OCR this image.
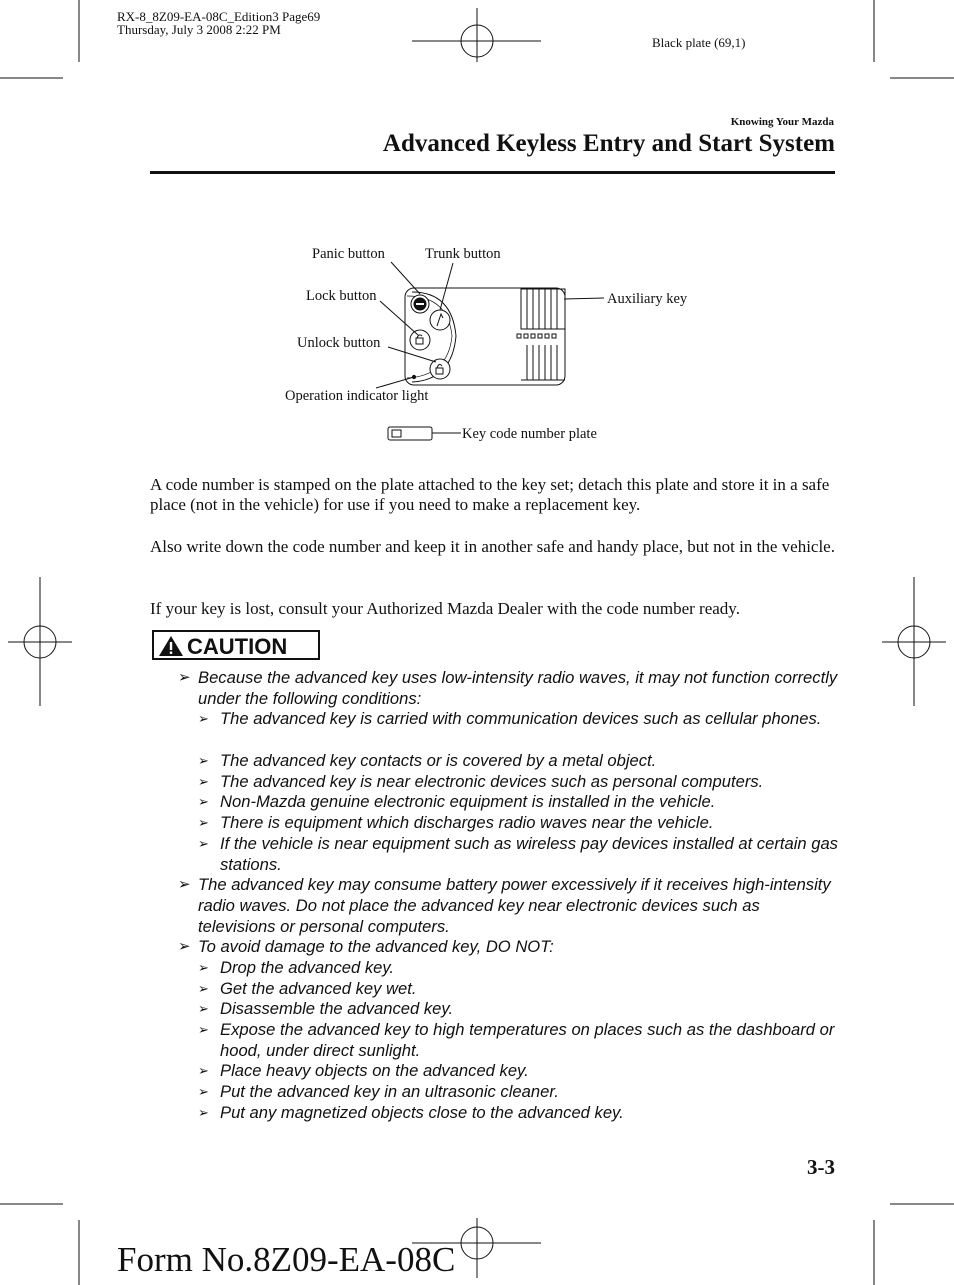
RX-8_8Z09-EA-08C_Edition3 Page69
Thursday, July 3 2008 2:22 PM
Black plate (69,1)
Knowing Your Mazda
Advanced Keyless Entry and Start System
Panic button	Trunk button
Lock button
Unlock button
Operation indicator light
Auxiliary key
Key code number plate
A code number is stamped on the plate attached to the key set; detach this plate and store it in a safe place (not in the vehicle) for use if you need to make a replacement key.
Also write down the code number and keep it in another safe and handy place, but not in the vehicle.
If your key is lost, consult your Authorized Mazda Dealer with the code number ready.
CAUTION
➢ Because the advanced key uses low-intensity radio waves, it may not function correctly under the following conditions:
➢ The advanced key is carried with communication devices such as cellular phones.
➢ The advanced key contacts or is covered by a metal object.
➢ The advanced key is near electronic devices such as personal computers.
➢ Non-Mazda genuine electronic equipment is installed in the vehicle.
➢ There is equipment which discharges radio waves near the vehicle.
➢ If the vehicle is near equipment such as wireless pay devices installed at certain gas stations.
➢ The advanced key may consume battery power excessively if it receives high-intensity radio waves. Do not place the advanced key near electronic devices such as televisions or personal computers.
➢ To avoid damage to the advanced key, DO NOT:
➢ Drop the advanced key.
➢ Get the advanced key wet.
➢ Disassemble the advanced key.
➢ Expose the advanced key to high temperatures on places such as the dashboard or hood, under direct sunlight.
➢ Place heavy objects on the advanced key.
➢ Put the advanced key in an ultrasonic cleaner.
➢ Put any magnetized objects close to the advanced key.
3-3
Form No.8Z09-EA-08C
